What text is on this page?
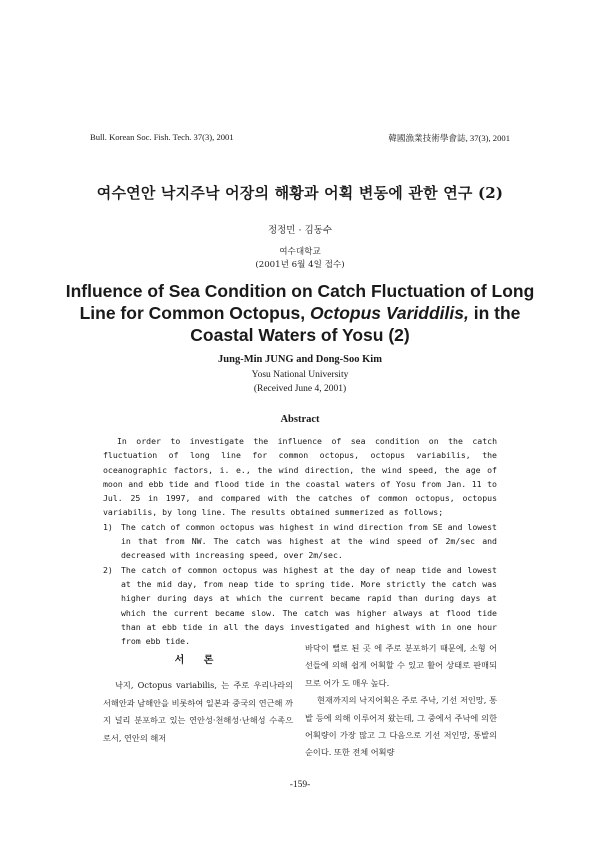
Bull. Korean Soc. Fish. Tech. 37(3), 2001	韓國漁業技術學會誌, 37(3), 2001
여수연안 낙지주낙 어장의 해황과 어획 변동에 관한 연구 (2)
정정민 · 김동수
여수대학교
(2001년 6월 4일 접수)
Influence of Sea Condition on Catch Fluctuation of Long Line for Common Octopus, Octopus Variddilis, in the Coastal Waters of Yosu (2)
Jung-Min JUNG and Dong-Soo Kim
Yosu National University
(Received June 4, 2001)
Abstract

In order to investigate the influence of sea condition on the catch fluctuation of long line for common octopus, octopus variabilis, the oceanographic factors, i. e., the wind direction, the wind speed, the age of moon and ebb tide and flood tide in the coastal waters of Yosu from Jan. 11 to Jul. 25 in 1997, and compared with the catches of common octopus, octopus variabilis, by long line. The results obtained summerized as follows;

1) The catch of common octopus was highest in wind direction from SE and lowest in that from NW. The catch was highest at the wind speed of 2m/sec and decreased with increasing speed, over 2m/sec.
2) The catch of common octopus was highest at the day of neap tide and lowest at the mid day, from neap tide to spring tide. More strictly the catch was higher during days at which the current became rapid than during days at which the current became slow. The catch was higher always at flood tide than at ebb tide in all the days investigated and highest with in one hour from ebb tide.
서 론

낙지, Octopus variabilis, 는 주로 우리나라의 서해안과 남해안을 비롯하여 일본과 중국의 연근해 까지 널리 분포하고 있는 연안성·천해성·난해성 수족으로서, 연안의 해저

바닥이 뻘로 된 곳 에 주로 분포하기 때문에, 소형 어선들에 의해 쉽게 어획할 수 있고 활어 상태로 판매되므로 어가 도 매우 높다.

현재까지의 낙지어획은 주로 주낙, 기선 저인망, 통발 등에 의해 이루어져 왔는데, 그 중에서 주낙에 의한 어획량이 가장 많고 그 다음으로 기선 저인망, 통발의 순이다. 또한 전체 어획량

-159-
